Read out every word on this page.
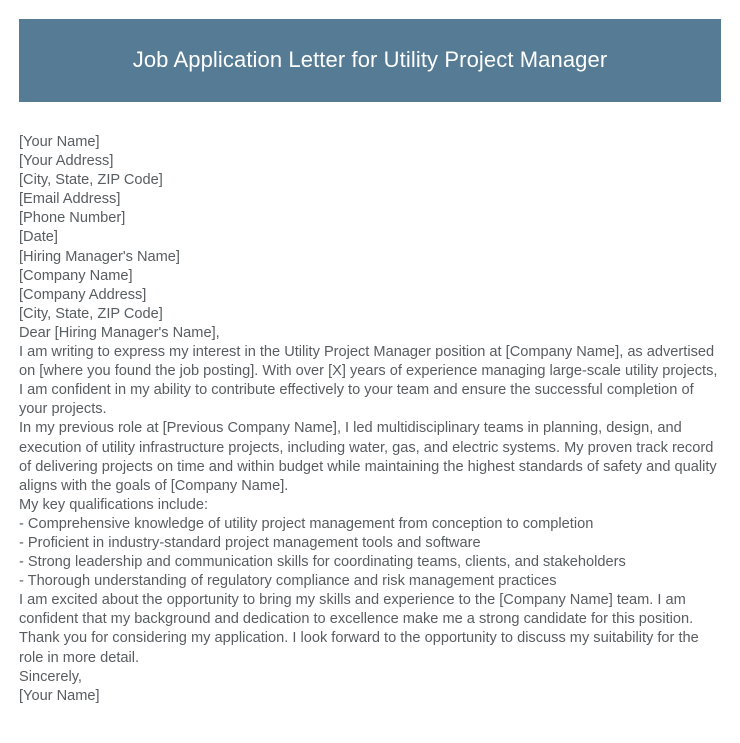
Job Application Letter for Utility Project Manager
[Your Name]
[Your Address]
[City, State, ZIP Code]
[Email Address]
[Phone Number]
[Date]
[Hiring Manager's Name]
[Company Name]
[Company Address]
[City, State, ZIP Code]
Dear [Hiring Manager's Name],
I am writing to express my interest in the Utility Project Manager position at [Company Name], as advertised on [where you found the job posting]. With over [X] years of experience managing large-scale utility projects, I am confident in my ability to contribute effectively to your team and ensure the successful completion of your projects.
In my previous role at [Previous Company Name], I led multidisciplinary teams in planning, design, and execution of utility infrastructure projects, including water, gas, and electric systems. My proven track record of delivering projects on time and within budget while maintaining the highest standards of safety and quality aligns with the goals of [Company Name].
My key qualifications include:
- Comprehensive knowledge of utility project management from conception to completion
- Proficient in industry-standard project management tools and software
- Strong leadership and communication skills for coordinating teams, clients, and stakeholders
- Thorough understanding of regulatory compliance and risk management practices
I am excited about the opportunity to bring my skills and experience to the [Company Name] team. I am confident that my background and dedication to excellence make me a strong candidate for this position.
Thank you for considering my application. I look forward to the opportunity to discuss my suitability for the role in more detail.
Sincerely,
[Your Name]
